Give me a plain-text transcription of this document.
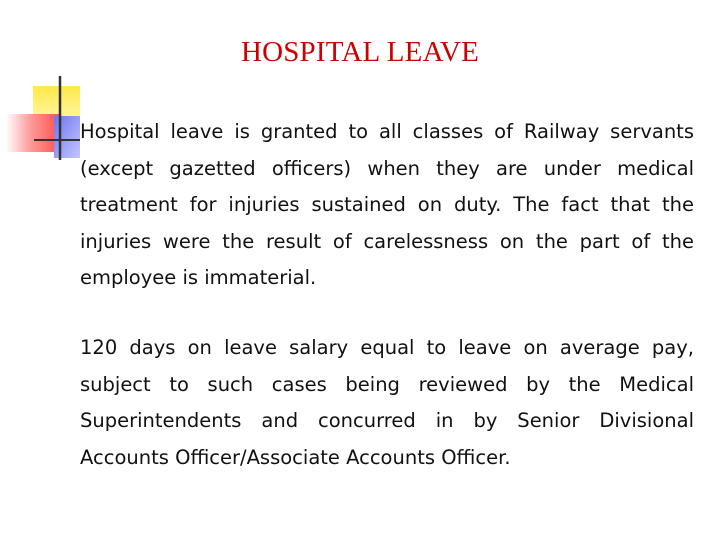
HOSPITAL LEAVE

Hospital leave is granted to all classes of Railway servants (except gazetted officers) when they are under medical treatment for injuries sustained on duty. The fact that the injuries were the result of carelessness on the part of the employee is immaterial.

120 days on leave salary equal to leave on average pay, subject to such cases being reviewed by the Medical Superintendents and concurred in by Senior Divisional Accounts Officer/Associate Accounts Officer.
